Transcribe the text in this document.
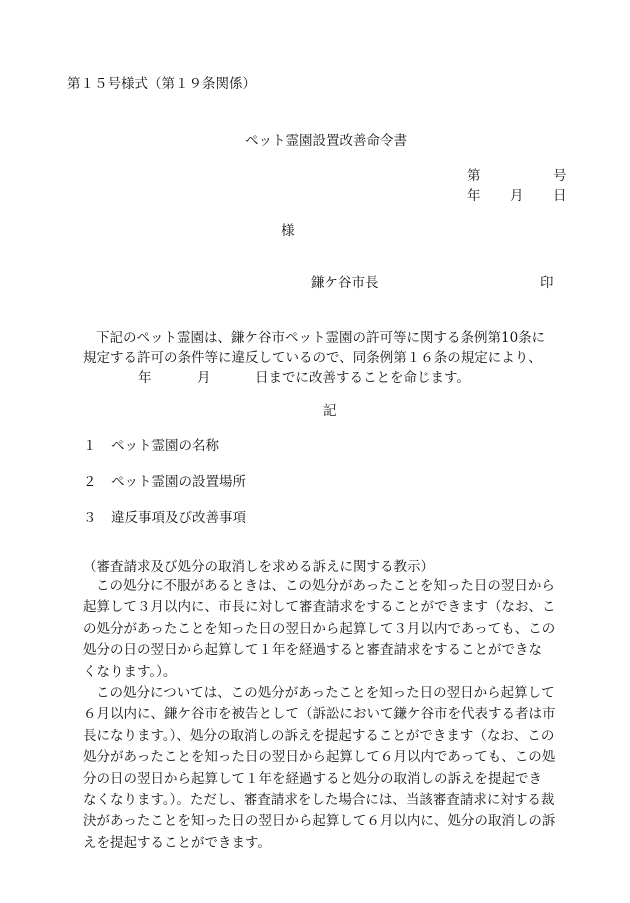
第１５号様式（第１９条関係）
ペット霊園設置改善命令書
第	号
年 月 日
様
鎌ケ谷市長	印
下記のペット霊園は、鎌ケ谷市ペット霊園の許可等に関する条例第10条に
規定する許可の条件等に違反しているので、同条例第１６条の規定により、
年	月	日までに改善することを命じます。
記
１ ペット霊園の名称
２ ペット霊園の設置場所
３ 違反事項及び改善事項
（審査請求及び処分の取消しを求める訴えに関する教示）
この処分に不服があるときは、この処分があったことを知った日の翌日から
起算して３月以内に、市長に対して審査請求をすることができます（なお、こ
の処分があったことを知った日の翌日から起算して３月以内であっても、この
処分の日の翌日から起算して１年を経過すると審査請求をすることができな
くなります。）。
この処分については、この処分があったことを知った日の翌日から起算して
６月以内に、鎌ケ谷市を被告として（訴訟において鎌ケ谷市を代表する者は市
長になります。）、処分の取消しの訴えを提起することができます（なお、この
処分があったことを知った日の翌日から起算して６月以内であっても、この処
分の日の翌日から起算して１年を経過すると処分の取消しの訴えを提起でき
なくなります。）。ただし、審査請求をした場合には、当該審査請求に対する裁
決があったことを知った日の翌日から起算して６月以内に、処分の取消しの訴
えを提起することができます。
